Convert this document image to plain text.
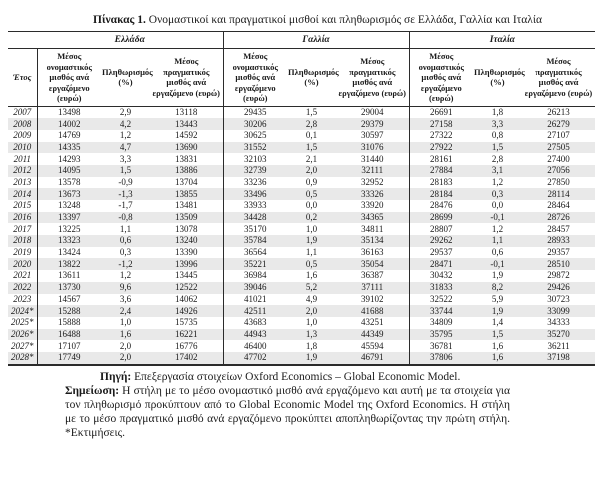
Πίνακας 1. Ονομαστικοί και πραγματικοί μισθοί και πληθωρισμός σε Ελλάδα, Γαλλία και Ιταλία

	Ελλάδα			Γαλλία			Ιταλία		
Έτος	Μέσος ονομαστικός μισθός ανά εργαζόμενο (ευρώ)	Πληθωρισμός (%)	Μέσος πραγματικός μισθός ανά εργαζόμενο (ευρώ)	Μέσος ονομαστικός μισθός ανά εργαζόμενο (ευρώ)	Πληθωρισμός (%)	Μέσος πραγματικός μισθός ανά εργαζόμενο (ευρώ)	Μέσος ονομαστικός μισθός ανά εργαζόμενο (ευρώ)	Πληθωρισμός (%)	Μέσος πραγματικός μισθός ανά εργαζόμενο (ευρώ)
2007	13498	2,9	13118	29435	1,5	29004	26691	1,8	26213
2008	14002	4,2	13443	30206	2,8	29379	27158	3,3	26279
2009	14769	1,2	14592	30625	0,1	30597	27322	0,8	27107
2010	14335	4,7	13690	31552	1,5	31076	27922	1,5	27505
2011	14293	3,3	13831	32103	2,1	31440	28161	2,8	27400
2012	14095	1,5	13886	32739	2,0	32111	27884	3,1	27056
2013	13578	-0,9	13704	33236	0,9	32952	28183	1,2	27850
2014	13673	-1,3	13855	33496	0,5	33326	28184	0,3	28114
2015	13248	-1,7	13481	33933	0,0	33920	28476	0,0	28464
2016	13397	-0,8	13509	34428	0,2	34365	28699	-0,1	28726
2017	13225	1,1	13078	35170	1,0	34811	28807	1,2	28457
2018	13323	0,6	13240	35784	1,9	35134	29262	1,1	28933
2019	13424	0,3	13390	36564	1,1	36163	29537	0,6	29357
2020	13822	-1,2	13996	35221	0,5	35054	28471	-0,1	28510
2021	13611	1,2	13445	36984	1,6	36387	30432	1,9	29872
2022	13730	9,6	12522	39046	5,2	37111	31833	8,2	29426
2023	14567	3,6	14062	41021	4,9	39102	32522	5,9	30723
2024*	15288	2,4	14926	42511	2,0	41688	33744	1,9	33099
2025*	15888	1,0	15735	43683	1,0	43251	34809	1,4	34333
2026*	16488	1,6	16221	44943	1,3	44349	35795	1,5	35270
2027*	17107	2,0	16776	46400	1,8	45594	36781	1,6	36211
2028*	17749	2,0	17402	47702	1,9	46791	37806	1,6	37198

Πηγή: Επεξεργασία στοιχείων Oxford Economics – Global Economic Model.

Σημείωση: Η στήλη με το μέσο ονομαστικό μισθό ανά εργαζόμενο και αυτή με τα στοιχεία για τον πληθωρισμό προκύπτουν από το Global Economic Model της Oxford Economics. Η στήλη με το μέσο πραγματικό μισθό ανά εργαζόμενο προκύπτει αποπληθωρίζοντας την πρώτη στήλη. *Εκτιμήσεις.
